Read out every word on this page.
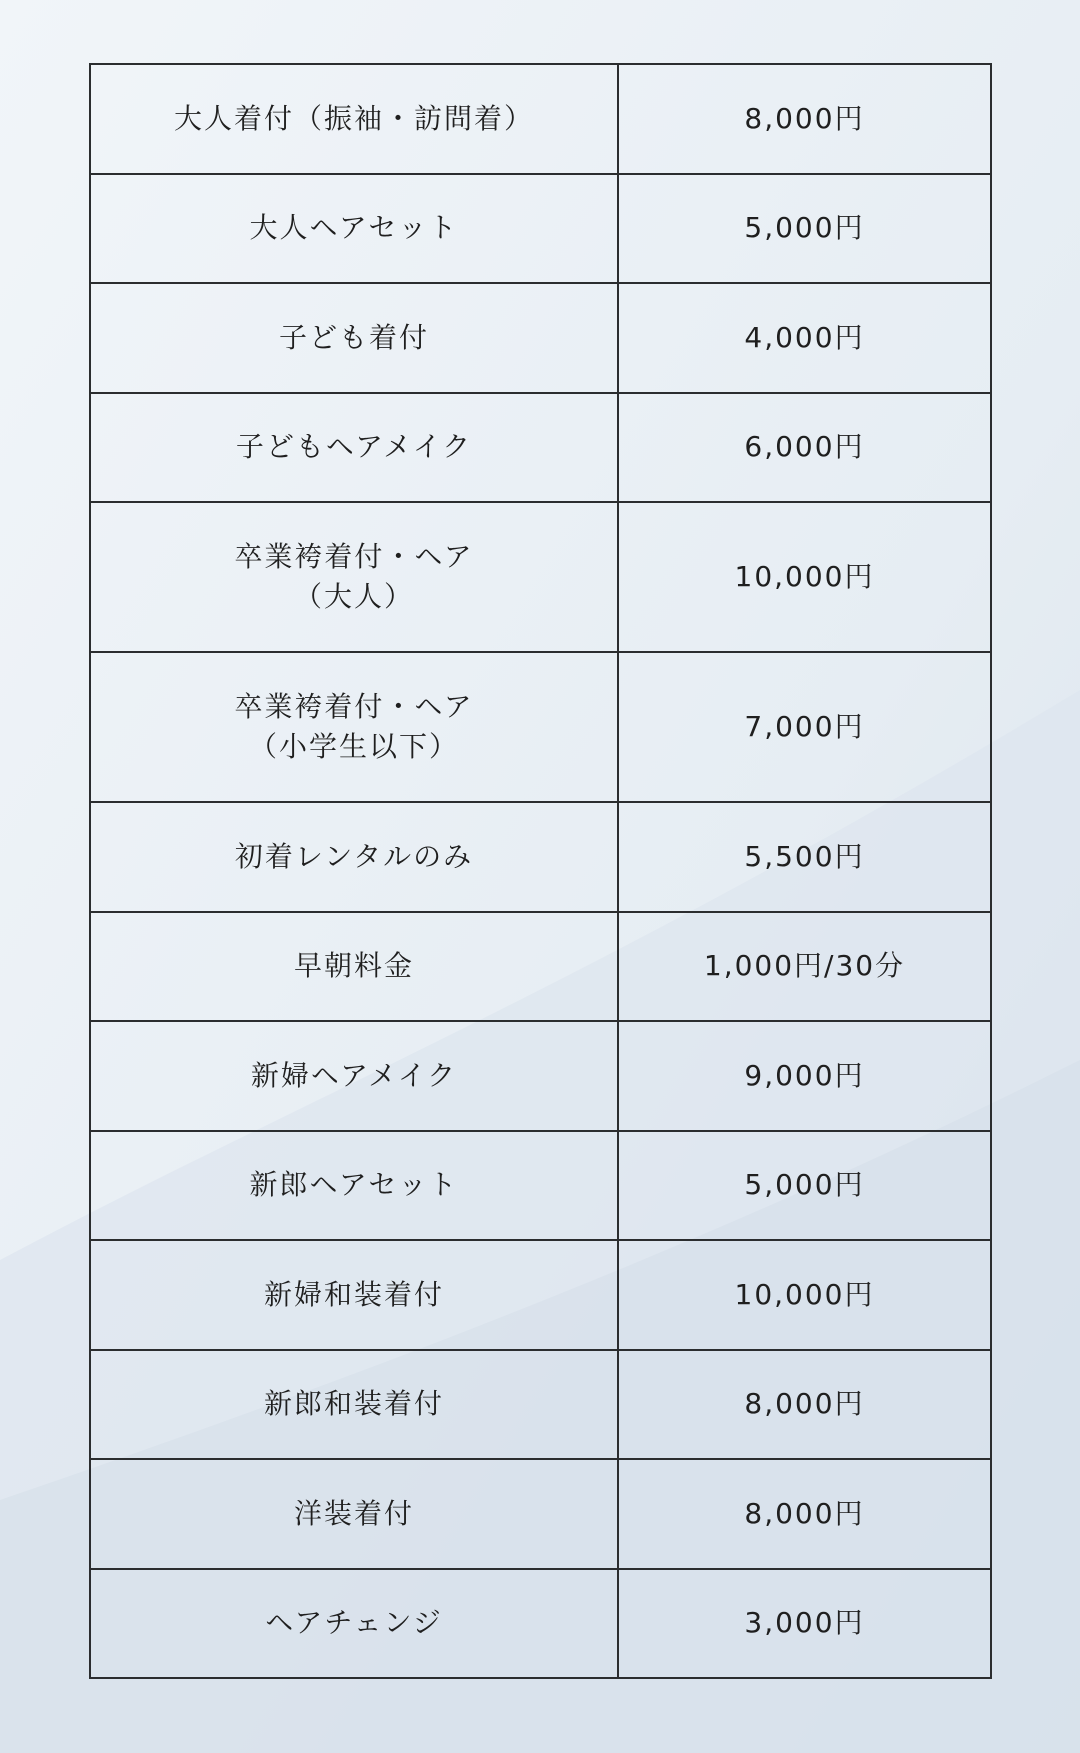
大人着付（振袖・訪問着）	8,000円
大人ヘアセット	5,000円
子ども着付	4,000円
子どもヘアメイク	6,000円
卒業袴着付・ヘア
（大人）	10,000円
卒業袴着付・ヘア
（小学生以下）	7,000円
初着レンタルのみ	5,500円
早朝料金	1,000円/30分
新婦ヘアメイク	9,000円
新郎ヘアセット	5,000円
新婦和装着付	10,000円
新郎和装着付	8,000円
洋装着付	8,000円
ヘアチェンジ	3,000円
